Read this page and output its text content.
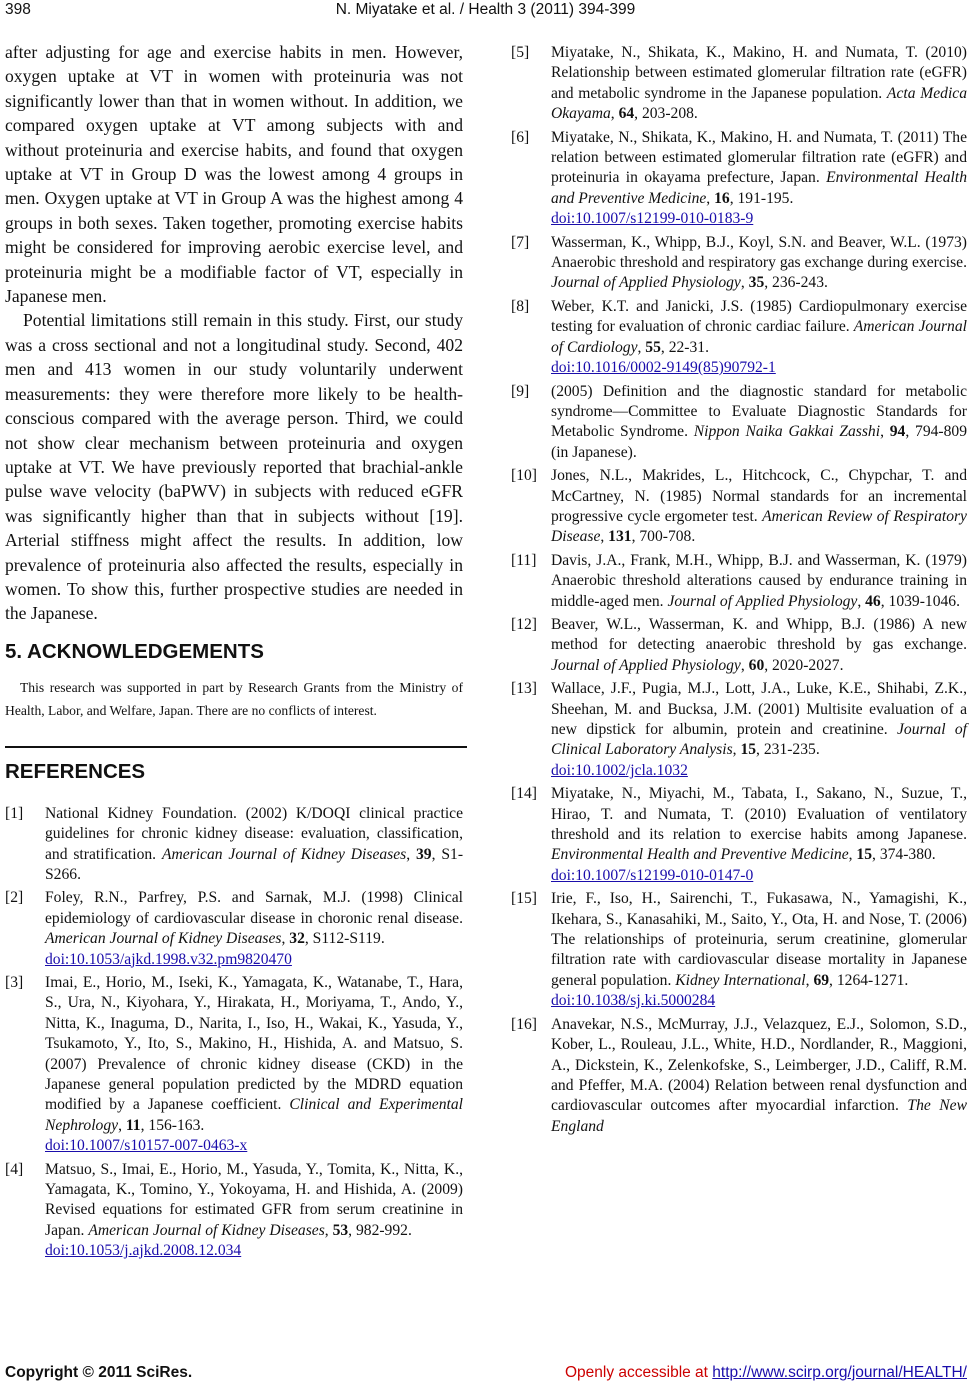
398	N. Miyatake et al. / Health 3 (2011) 394-399

after adjusting for age and exercise habits in men. However, oxygen uptake at VT in women with proteinuria was not significantly lower than that in women without. In addition, we compared oxygen uptake at VT among subjects with and without proteinuria and exercise habits, and found that oxygen uptake at VT in Group D was the lowest among 4 groups in men. Oxygen uptake at VT in Group A was the highest among 4 groups in both sexes. Taken together, promoting exercise habits might be considered for improving aerobic exercise level, and proteinuria might be a modifiable factor of VT, especially in Japanese men.

Potential limitations still remain in this study. First, our study was a cross sectional and not a longitudinal study. Second, 402 men and 413 women in our study voluntarily underwent measurements: they were therefore more likely to be health-conscious compared with the average person. Third, we could not show clear mechanism between proteinuria and oxygen uptake at VT. We have previously reported that brachial-ankle pulse wave velocity (baPWV) in subjects with reduced eGFR was significantly higher than that in subjects without [19]. Arterial stiffness might affect the results. In addition, low prevalence of proteinuria also affected the results, especially in women. To show this, further prospective studies are needed in the Japanese.

5. ACKNOWLEDGEMENTS

This research was supported in part by Research Grants from the Ministry of Health, Labor, and Welfare, Japan. There are no conflicts of interest.

REFERENCES
[1] National Kidney Foundation. (2002) K/DOQI clinical practice guidelines for chronic kidney disease: evaluation, classification, and stratification. American Journal of Kidney Diseases, 39, S1-S266.
[2] Foley, R.N., Parfrey, P.S. and Sarnak, M.J. (1998) Clinical epidemiology of cardiovascular disease in choronic renal disease. American Journal of Kidney Diseases, 32, S112-S119.
doi:10.1053/ajkd.1998.v32.pm9820470
[3] Imai, E., Horio, M., Iseki, K., Yamagata, K., Watanabe, T., Hara, S., Ura, N., Kiyohara, Y., Hirakata, H., Moriyama, T., Ando, Y., Nitta, K., Inaguma, D., Narita, I., Iso, H., Wakai, K., Yasuda, Y., Tsukamoto, Y., Ito, S., Makino, H., Hishida, A. and Matsuo, S. (2007) Prevalence of chronic kidney disease (CKD) in the Japanese general population predicted by the MDRD equation modified by a Japanese coefficient. Clinical and Experimental Nephrology, 11, 156-163.
doi:10.1007/s10157-007-0463-x
[4] Matsuo, S., Imai, E., Horio, M., Yasuda, Y., Tomita, K., Nitta, K., Yamagata, K., Tomino, Y., Yokoyama, H. and Hishida, A. (2009) Revised equations for estimated GFR from serum creatinine in Japan. American Journal of Kidney Diseases, 53, 982-992.
doi:10.1053/j.ajkd.2008.12.034
[5] Miyatake, N., Shikata, K., Makino, H. and Numata, T. (2010) Relationship between estimated glomerular filtration rate (eGFR) and metabolic syndrome in the Japanese population. Acta Medica Okayama, 64, 203-208.
[6] Miyatake, N., Shikata, K., Makino, H. and Numata, T. (2011) The relation between estimated glomerular filtration rate (eGFR) and proteinuria in okayama prefecture, Japan. Environmental Health and Preventive Medicine, 16, 191-195.
doi:10.1007/s12199-010-0183-9
[7] Wasserman, K., Whipp, B.J., Koyl, S.N. and Beaver, W.L. (1973) Anaerobic threshold and respiratory gas exchange during exercise. Journal of Applied Physiology, 35, 236-243.
[8] Weber, K.T. and Janicki, J.S. (1985) Cardiopulmonary exercise testing for evaluation of chronic cardiac failure. American Journal of Cardiology, 55, 22-31.
doi:10.1016/0002-9149(85)90792-1
[9] (2005) Definition and the diagnostic standard for metabolic syndrome—Committee to Evaluate Diagnostic Standards for Metabolic Syndrome. Nippon Naika Gakkai Zasshi, 94, 794-809 (in Japanese).
[10] Jones, N.L., Makrides, L., Hitchcock, C., Chypchar, T. and McCartney, N. (1985) Normal standards for an incremental progressive cycle ergometer test. American Review of Respiratory Disease, 131, 700-708.
[11] Davis, J.A., Frank, M.H., Whipp, B.J. and Wasserman, K. (1979) Anaerobic threshold alterations caused by endurance training in middle-aged men. Journal of Applied Physiology, 46, 1039-1046.
[12] Beaver, W.L., Wasserman, K. and Whipp, B.J. (1986) A new method for detecting anaerobic threshold by gas exchange. Journal of Applied Physiology, 60, 2020-2027.
[13] Wallace, J.F., Pugia, M.J., Lott, J.A., Luke, K.E., Shihabi, Z.K., Sheehan, M. and Bucksa, J.M. (2001) Multisite evaluation of a new dipstick for albumin, protein and creatinine. Journal of Clinical Laboratory Analysis, 15, 231-235.
doi:10.1002/jcla.1032
[14] Miyatake, N., Miyachi, M., Tabata, I., Sakano, N., Suzue, T., Hirao, T. and Numata, T. (2010) Evaluation of ventilatory threshold and its relation to exercise habits among Japanese. Environmental Health and Preventive Medicine, 15, 374-380.
doi:10.1007/s12199-010-0147-0
[15] Irie, F., Iso, H., Sairenchi, T., Fukasawa, N., Yamagishi, K., Ikehara, S., Kanasahiki, M., Saito, Y., Ota, H. and Nose, T. (2006) The relationships of proteinuria, serum creatinine, glomerular filtration rate with cardiovascular disease mortality in Japanese general population. Kidney International, 69, 1264-1271.
doi:10.1038/sj.ki.5000284
[16] Anavekar, N.S., McMurray, J.J., Velazquez, E.J., Solomon, S.D., Kober, L., Rouleau, J.L., White, H.D., Nordlander, R., Maggioni, A., Dickstein, K., Zelenkofske, S., Leimberger, J.D., Califf, R.M. and Pfeffer, M.A. (2004) Relation between renal dysfunction and cardiovascular outcomes after myocardial infarction. The New England
Copyright © 2011 SciRes.	Openly accessible at http://www.scirp.org/journal/HEALTH/
